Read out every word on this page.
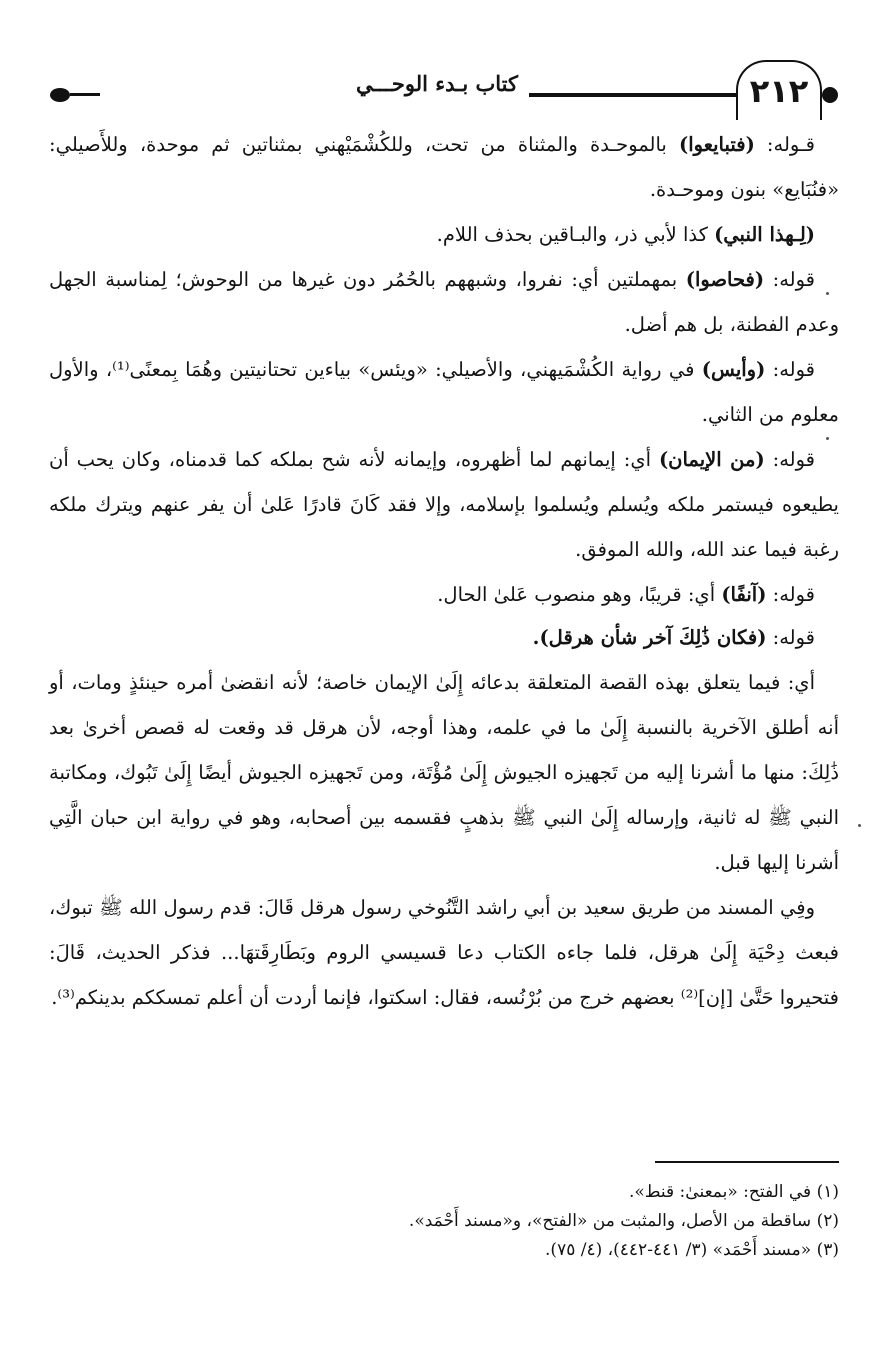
٢١٢
كتاب بـدء الوحـــي

قـوله: (فتبايعوا) بالموحـدة والمثناة من تحت، وللكُشْمَيْهني بمثناتين ثم موحدة، وللأَصيلي: «فنُبَايع» بنون وموحـدة.

(لِـهذا النبي) كذا لأبي ذر، والبـاقين بحذف اللام.

قوله: (فحاصوا) بمهملتين أي: نفروا، وشبههم بالحُمُر دون غيرها من الوحوش؛ لِمناسبة الجهل وعدم الفطنة، بل هم أضل.

قوله: (وأيس) في رواية الكُشْمَيهني، والأصيلي: «ويئس» بياءين تحتانيتين وهُمَا بِمعنًى⁽¹⁾، والأول معلوم من الثاني.

قوله: (من الإيمان) أي: إيمانهم لما أظهروه، وإيمانه لأنه شح بملكه كما قدمناه، وكان يحب أن يطيعوه فيستمر ملكه ويُسلم ويُسلموا بإسلامه، وإلا فقد كَانَ قادرًا عَلىٰ أن يفر عنهم ويترك ملكه رغبة فيما عند الله، والله الموفق.

قوله: (آنفًا) أي: قريبًا، وهو منصوب عَلىٰ الحال.

قوله: (فكان ذَٰلِكَ آخر شأن هرقل).

أي: فيما يتعلق بهذه القصة المتعلقة بدعائه إِلَىٰ الإيمان خاصة؛ لأنه انقضىٰ أمره حينئذٍ ومات، أو أنه أطلق الآخرية بالنسبة إِلَىٰ ما في علمه، وهذا أوجه، لأن هرقل قد وقعت له قصص أخرىٰ بعد ذَٰلِكَ: منها ما أشرنا إليه من تَجهيزه الجيوش إِلَىٰ مُؤْتَة، ومن تَجهيزه الجيوش أيضًا إِلَىٰ تَبُوك، ومكاتبة النبي ﷺ له ثانية، وإرساله إِلَىٰ النبي ﷺ بذهبٍ فقسمه بين أصحابه، وهو في رواية ابن حبان الَّتِي أشرنا إليها قبل.

وفِي المسند من طريق سعيد بن أبي راشد التَّنُوخي رسول هرقل قَالَ: قدم رسول الله ﷺ تبوك، فبعث دِحْيَة إِلَىٰ هرقل، فلما جاءه الكتاب دعا قسيسي الروم وبَطَارِقَتهَا... فذكر الحديث، قَالَ: فتحيروا حَتَّىٰ [إن]⁽²⁾ بعضهم خرج من بُرْنُسه، فقال: اسكتوا، فإنما أردت أن أعلم تمسككم بدينكم⁽³⁾.

(١) في الفتح: «بمعنىٰ: قنط».

(٢) ساقطة من الأصل، والمثبت من «الفتح»، و«مسند أَحْمَد».

(٣) «مسند أَحْمَد» (٣/ ٤٤١-٤٤٢)، (٤/ ٧٥).
